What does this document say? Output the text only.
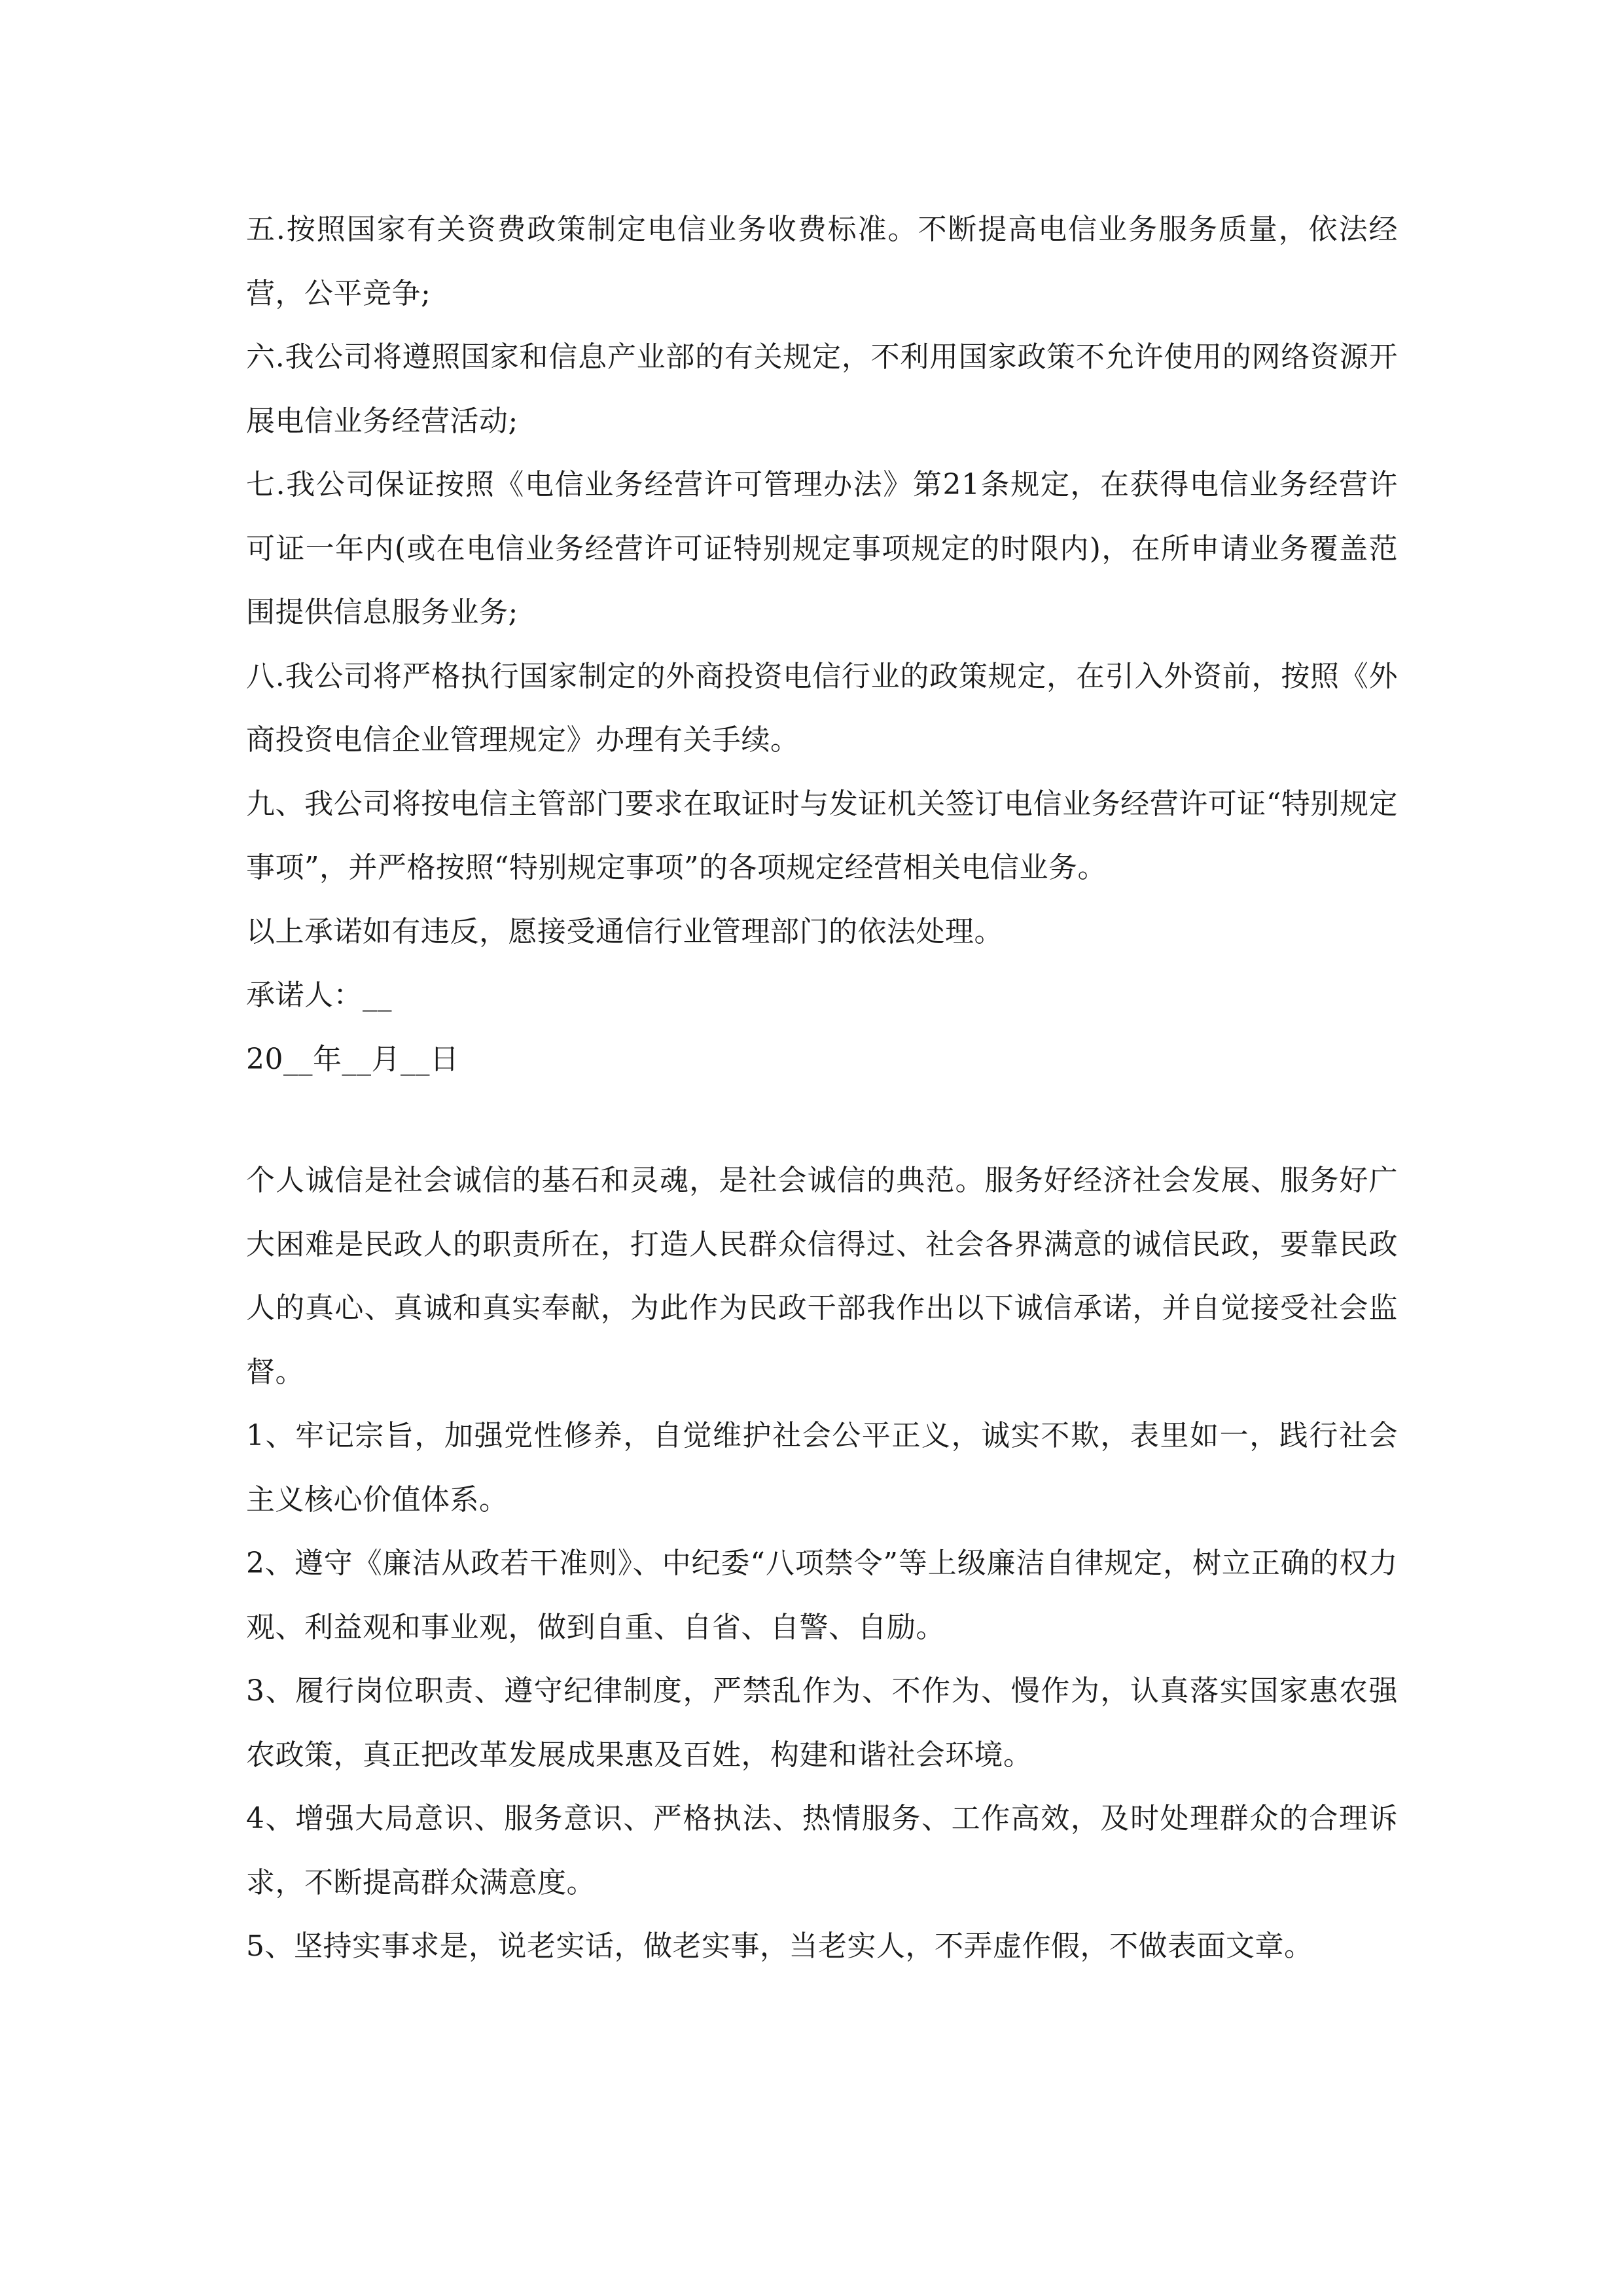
五.按照国家有关资费政策制定电信业务收费标准。不断提高电信业务服务质量，依法经营，公平竞争;

六.我公司将遵照国家和信息产业部的有关规定，不利用国家政策不允许使用的网络资源开展电信业务经营活动;

七.我公司保证按照《电信业务经营许可管理办法》第21条规定，在获得电信业务经营许可证一年内(或在电信业务经营许可证特别规定事项规定的时限内)，在所申请业务覆盖范围提供信息服务业务;

八.我公司将严格执行国家制定的外商投资电信行业的政策规定，在引入外资前，按照《外商投资电信企业管理规定》办理有关手续。

九、我公司将按电信主管部门要求在取证时与发证机关签订电信业务经营许可证“特别规定事项”，并严格按照“特别规定事项”的各项规定经营相关电信业务。

以上承诺如有违反，愿接受通信行业管理部门的依法处理。

承诺人：__

20__年__月__日

个人诚信是社会诚信的基石和灵魂，是社会诚信的典范。服务好经济社会发展、服务好广大困难是民政人的职责所在，打造人民群众信得过、社会各界满意的诚信民政，要靠民政人的真心、真诚和真实奉献，为此作为民政干部我作出以下诚信承诺，并自觉接受社会监督。

1、牢记宗旨，加强党性修养，自觉维护社会公平正义，诚实不欺，表里如一，践行社会主义核心价值体系。

2、遵守《廉洁从政若干准则》、中纪委“八项禁令”等上级廉洁自律规定，树立正确的权力观、利益观和事业观，做到自重、自省、自警、自励。

3、履行岗位职责、遵守纪律制度，严禁乱作为、不作为、慢作为，认真落实国家惠农强农政策，真正把改革发展成果惠及百姓，构建和谐社会环境。

4、增强大局意识、服务意识、严格执法、热情服务、工作高效，及时处理群众的合理诉求，不断提高群众满意度。

5、坚持实事求是，说老实话，做老实事，当老实人，不弄虚作假，不做表面文章。
